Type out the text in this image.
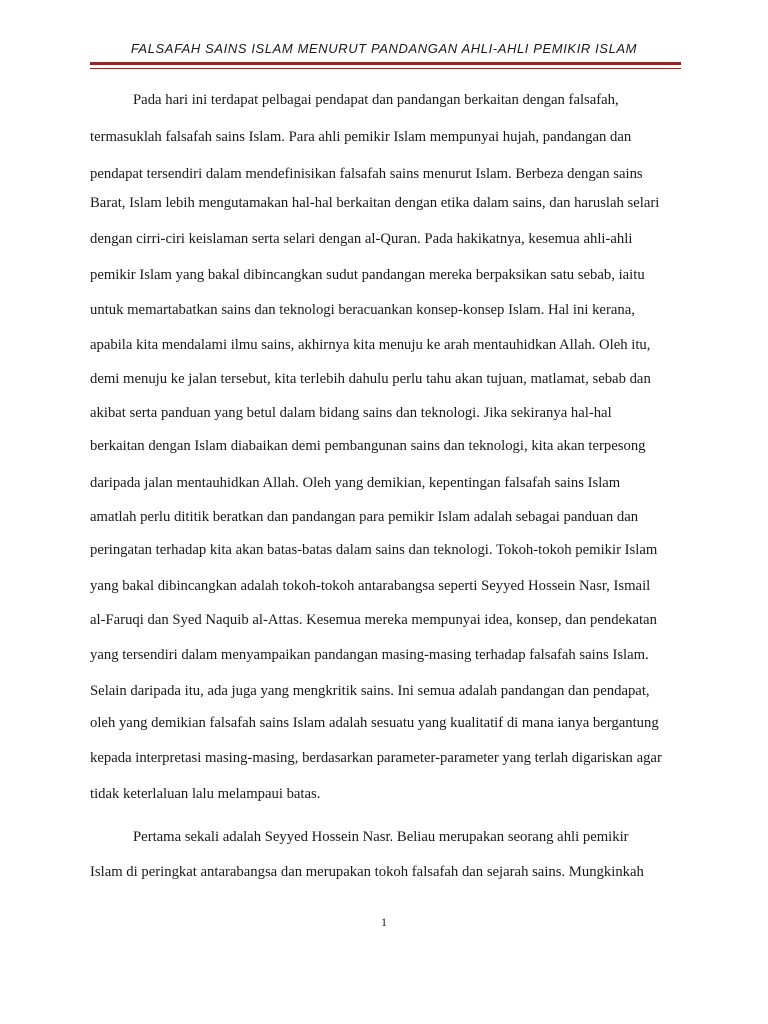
FALSAFAH SAINS ISLAM MENURUT PANDANGAN AHLI-AHLI PEMIKIR ISLAM
Pada hari ini terdapat pelbagai pendapat dan pandangan berkaitan dengan falsafah,
termasuklah falsafah sains Islam. Para ahli pemikir Islam mempunyai hujah, pandangan dan
pendapat tersendiri dalam mendefinisikan falsafah sains menurut Islam. Berbeza dengan sains
Barat, Islam lebih mengutamakan hal-hal berkaitan dengan etika dalam sains, dan haruslah selari
dengan cirri-ciri keislaman serta selari dengan al-Quran. Pada hakikatnya, kesemua ahli-ahli
pemikir Islam yang bakal dibincangkan sudut pandangan mereka berpaksikan satu sebab, iaitu
untuk memartabatkan sains dan teknologi beracuankan konsep-konsep Islam. Hal ini kerana,
apabila kita mendalami ilmu sains, akhirnya kita menuju ke arah mentauhidkan Allah. Oleh itu,
demi menuju ke jalan tersebut, kita terlebih dahulu perlu tahu akan tujuan, matlamat, sebab dan
akibat serta panduan yang betul dalam bidang sains dan teknologi. Jika sekiranya hal-hal
berkaitan dengan Islam diabaikan demi pembangunan sains dan teknologi, kita akan terpesong
daripada jalan mentauhidkan Allah. Oleh yang demikian, kepentingan falsafah sains Islam
amatlah perlu dititik beratkan dan pandangan para pemikir Islam adalah sebagai panduan dan
peringatan terhadap kita akan batas-batas dalam sains dan teknologi. Tokoh-tokoh pemikir Islam
yang bakal dibincangkan adalah tokoh-tokoh antarabangsa seperti Seyyed Hossein Nasr, Ismail
al-Faruqi dan Syed Naquib al-Attas. Kesemua mereka mempunyai idea, konsep, dan pendekatan
yang tersendiri dalam menyampaikan pandangan masing-masing terhadap falsafah sains Islam.
Selain daripada itu, ada juga yang mengkritik sains. Ini semua adalah pandangan dan pendapat,
oleh yang demikian falsafah sains Islam adalah sesuatu yang kualitatif di mana ianya bergantung
kepada interpretasi masing-masing, berdasarkan parameter-parameter yang terlah digariskan agar
tidak keterlaluan lalu melampaui batas.
Pertama sekali adalah Seyyed Hossein Nasr. Beliau merupakan seorang ahli pemikir
Islam di peringkat antarabangsa dan merupakan tokoh falsafah dan sejarah sains. Mungkinkah
1
